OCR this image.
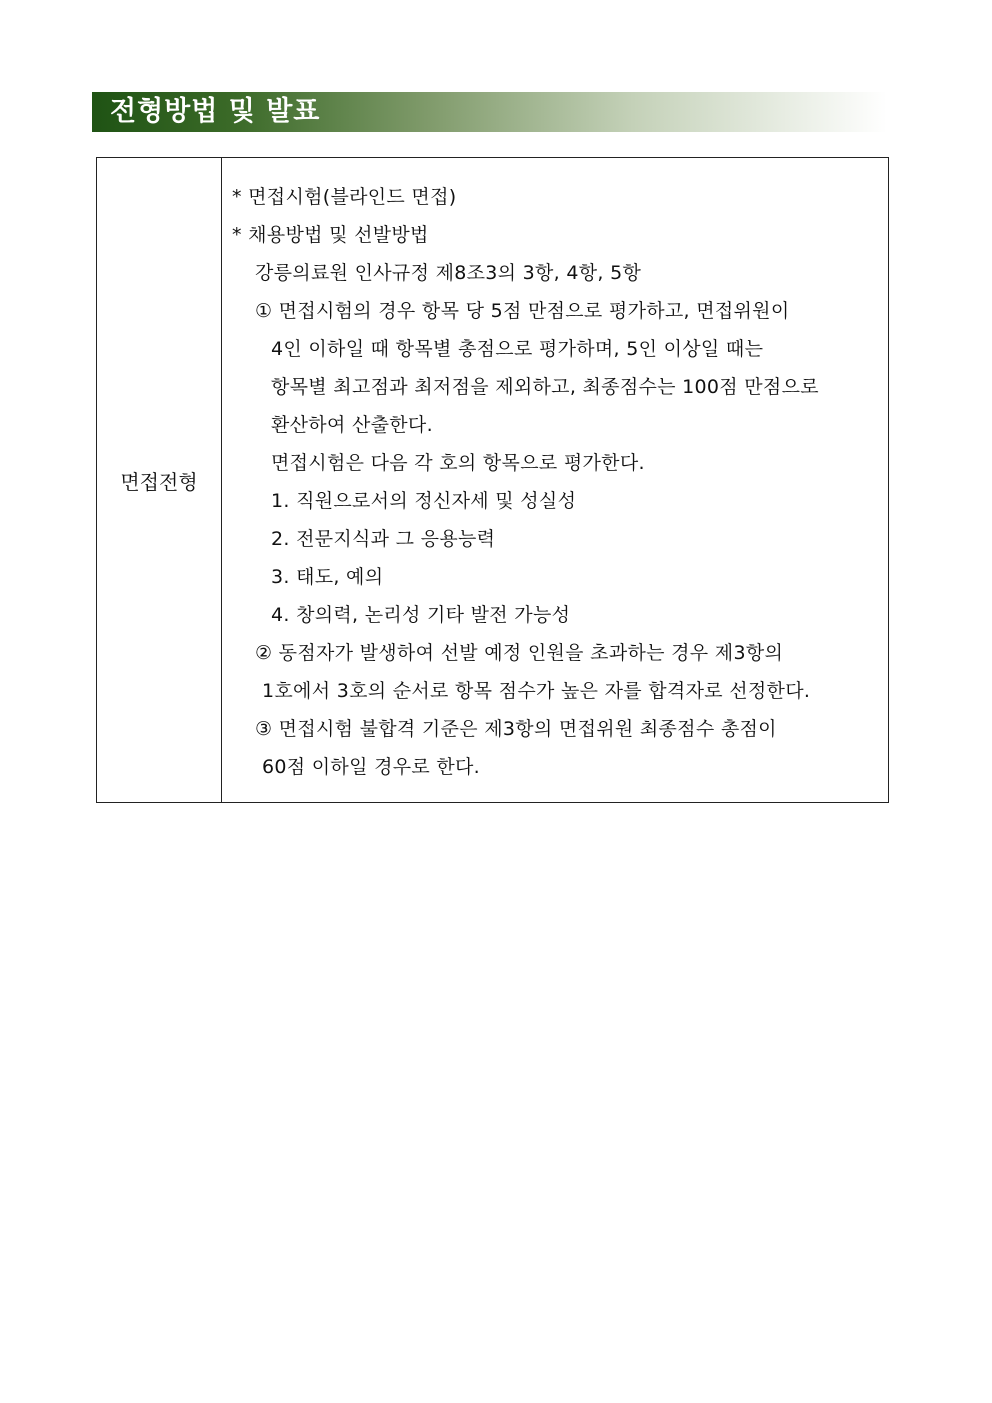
전형방법 및 발표
면접전형
* 면접시험(블라인드 면접)
* 채용방법 및 선발방법
강릉의료원 인사규정 제8조3의 3항, 4항, 5항
① 면접시험의 경우 항목 당 5점 만점으로 평가하고, 면접위원이
4인 이하일 때 항목별 총점으로 평가하며, 5인 이상일 때는
항목별 최고점과 최저점을 제외하고, 최종점수는 100점 만점으로
환산하여 산출한다.
면접시험은 다음 각 호의 항목으로 평가한다.
1. 직원으로서의 정신자세 및 성실성
2. 전문지식과 그 응용능력
3. 태도, 예의
4. 창의력, 논리성 기타 발전 가능성
② 동점자가 발생하여 선발 예정 인원을 초과하는 경우 제3항의
1호에서 3호의 순서로 항목 점수가 높은 자를 합격자로 선정한다.
③ 면접시험 불합격 기준은 제3항의 면접위원 최종점수 총점이
60점 이하일 경우로 한다.
